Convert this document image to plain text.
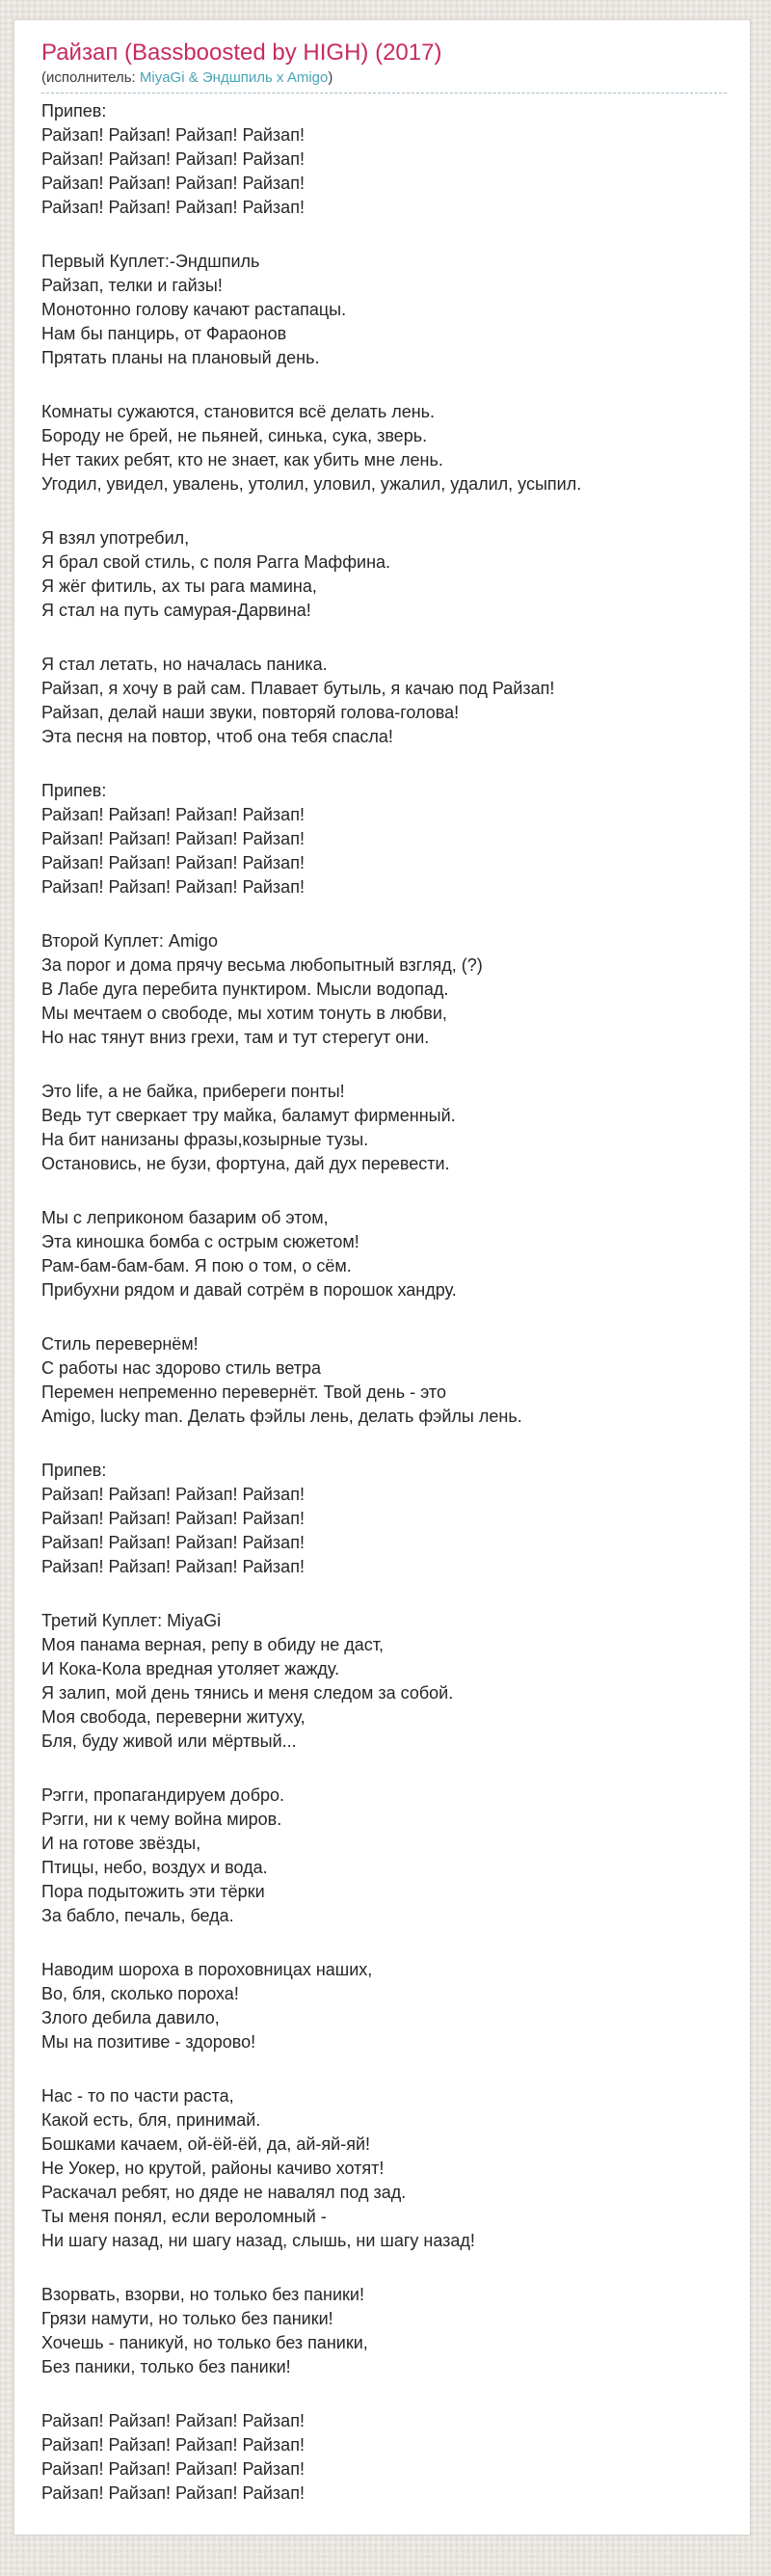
Райзап (Bassboosted by HIGH) (2017)
(исполнитель: MiyaGi & Эндшпиль x Amigo)

Припев:
Райзап! Райзап! Райзап! Райзап!
Райзап! Райзап! Райзап! Райзап!
Райзап! Райзап! Райзап! Райзап!
Райзап! Райзап! Райзап! Райзап!

Первый Куплет:-Эндшпиль
Райзап, телки и гайзы!
Монотонно голову качают растапацы.
Нам бы панцирь, от Фараонов
Прятать планы на плановый день.

Комнаты сужаются, становится всё делать лень.
Бороду не брей, не пьяней, синька, сука, зверь.
Нет таких ребят, кто не знает, как убить мне лень.
Угодил, увидел, увалень, утолил, уловил, ужалил, удалил, усыпил.

Я взял употребил,
Я брал свой стиль, с поля Рагга Маффина.
Я жёг фитиль, ах ты рага мамина,
Я стал на путь самурая-Дарвина!

Я стал летать, но началась паника.
Райзап, я хочу в рай сам. Плавает бутыль, я качаю под Райзап!
Райзап, делай наши звуки, повторяй голова-голова!
Эта песня на повтор, чтоб она тебя спасла!

Припев:
Райзап! Райзап! Райзап! Райзап!
Райзап! Райзап! Райзап! Райзап!
Райзап! Райзап! Райзап! Райзап!
Райзап! Райзап! Райзап! Райзап!

Второй Куплет: Amigo
За порог и дома прячу весьма любопытный взгляд, (?)
В Лабе дуга перебита пунктиром. Мысли водопад.
Мы мечтаем о свободе, мы хотим тонуть в любви,
Но нас тянут вниз грехи, там и тут стерегут они.

Это life, а не байка, прибереги понты!
Ведь тут сверкает тру майка, баламут фирменный.
На бит нанизаны фразы,козырные тузы.
Остановись, не бузи, фортуна, дай дух перевести.

Мы с леприконом базарим об этом,
Эта киношка бомба с острым сюжетом!
Рам-бам-бам-бам. Я пою о том, о сём.
Прибухни рядом и давай сотрём в порошок хандру.

Стиль перевернём!
С работы нас здорово стиль ветра
Перемен непременно перевернёт. Твой день - это
Amigo, lucky man. Делать фэйлы лень, делать фэйлы лень.

Припев:
Райзап! Райзап! Райзап! Райзап!
Райзап! Райзап! Райзап! Райзап!
Райзап! Райзап! Райзап! Райзап!
Райзап! Райзап! Райзап! Райзап!

Третий Куплет: MiyaGi
Моя панама верная, репу в обиду не даст,
И Кока-Кола вредная утоляет жажду.
Я залип, мой день тянись и меня следом за собой.
Моя свобода, переверни житуху,
Бля, буду живой или мёртвый...

Рэгги, пропагандируем добро.
Рэгги, ни к чему война миров.
И на готове звёзды,
Птицы, небо, воздух и вода.
Пора подытожить эти тёрки
За бабло, печаль, беда.

Наводим шороха в пороховницах наших,
Во, бля, сколько пороха!
Злого дебила давило,
Мы на позитиве - здорово!

Нас - то по части раста,
Какой есть, бля, принимай.
Бошками качаем, ой-ёй-ёй, да, ай-яй-яй!
Не Уокер, но крутой, районы качиво хотят!
Раскачал ребят, но дяде не навалял под зад.
Ты меня понял, если вероломный -
Ни шагу назад, ни шагу назад, слышь, ни шагу назад!

Взорвать, взорви, но только без паники!
Грязи намути, но только без паники!
Хочешь - паникуй, но только без паники,
Без паники, только без паники!

Райзап! Райзап! Райзап! Райзап!
Райзап! Райзап! Райзап! Райзап!
Райзап! Райзап! Райзап! Райзап!
Райзап! Райзап! Райзап! Райзап!
